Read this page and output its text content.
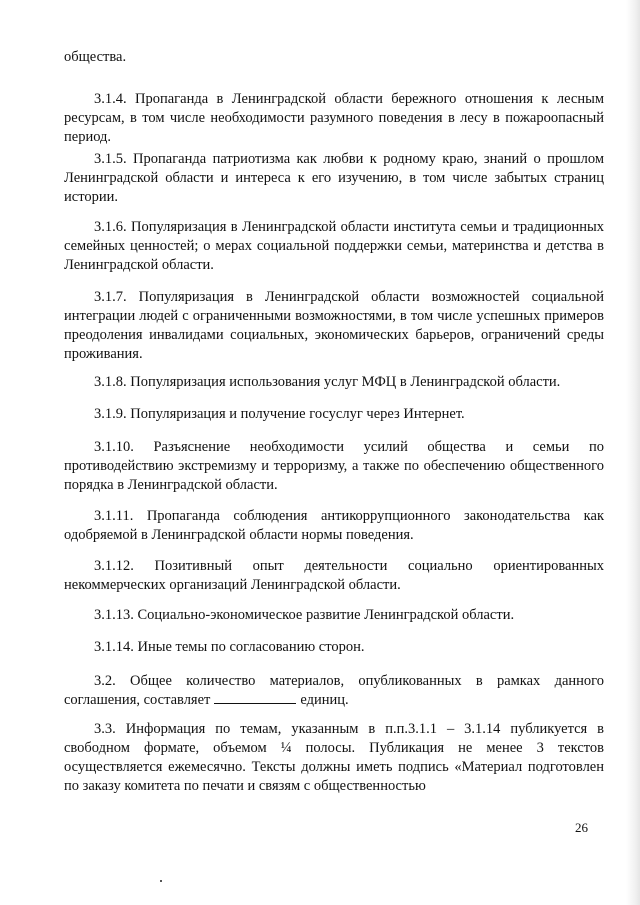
общества.

3.1.4. Пропаганда в Ленинградской области бережного отношения к лесным ресурсам, в том числе необходимости разумного поведения в лесу в пожароопасный период.

3.1.5. Пропаганда патриотизма как любви к родному краю, знаний о прошлом Ленинградской области и интереса к его изучению, в том числе забытых страниц истории.

3.1.6. Популяризация в Ленинградской области института семьи и традиционных семейных ценностей; о мерах социальной поддержки семьи, материнства и детства в Ленинградской области.

3.1.7. Популяризация в Ленинградской области возможностей социальной интеграции людей с ограниченными возможностями, в том числе успешных примеров преодоления инвалидами социальных, экономических барьеров, ограничений среды проживания.

3.1.8. Популяризация использования услуг МФЦ в Ленинградской области.

3.1.9. Популяризация и получение госуслуг через Интернет.

3.1.10. Разъяснение необходимости усилий общества и семьи по противодействию экстремизму и терроризму, а также по обеспечению общественного порядка в Ленинградской области.

3.1.11. Пропаганда соблюдения антикоррупционного законодательства как одобряемой в Ленинградской области нормы поведения.

3.1.12. Позитивный опыт деятельности социально ориентированных некоммерческих организаций Ленинградской области.

3.1.13. Социально-экономическое развитие Ленинградской области.

3.1.14. Иные темы по согласованию сторон.

3.2. Общее количество материалов, опубликованных в рамках данного соглашения, составляет	единиц.

3.3. Информация по темам, указанным в п.п.3.1.1 – 3.1.14 публикуется в свободном формате, объемом ¼ полосы. Публикация не менее 3 текстов осуществляется ежемесячно. Тексты должны иметь подпись «Материал подготовлен по заказу комитета по печати и связям с общественностью

26
